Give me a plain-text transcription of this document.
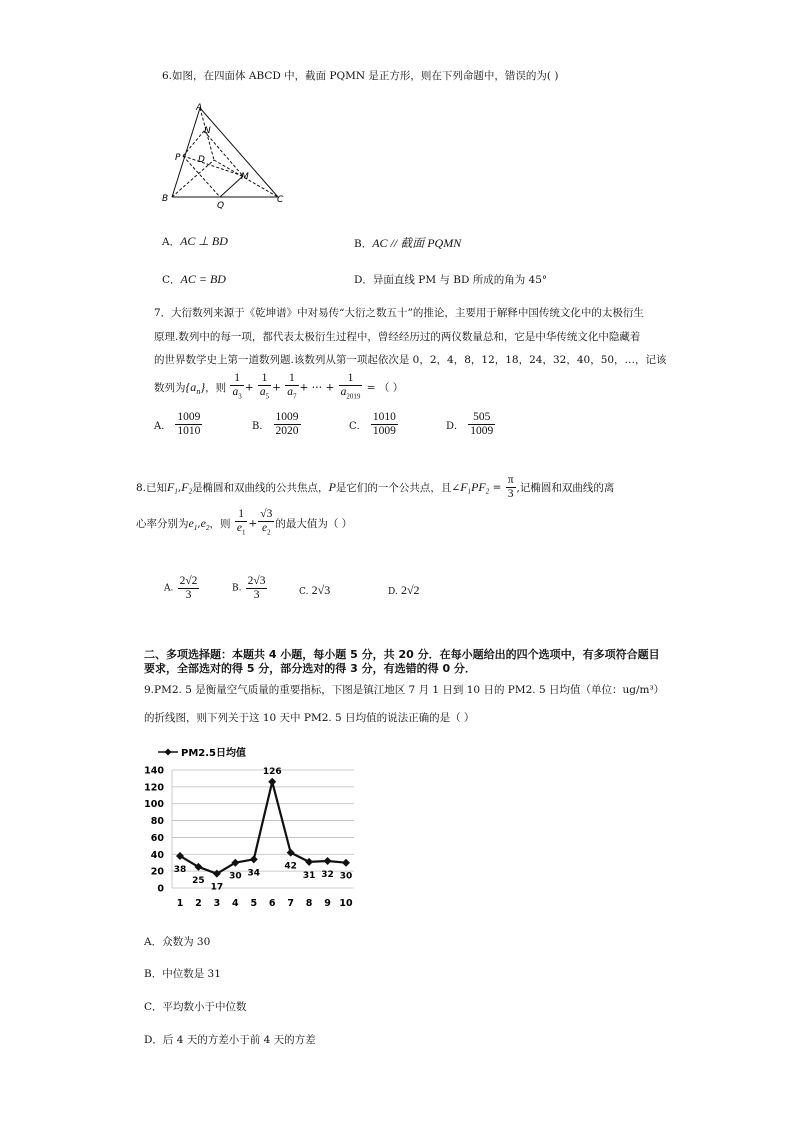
6.如图，在四面体 ABCD 中，截面 PQMN 是正方形，则在下列命题中，错误的为( )
A
N
P D
M
B
Q
C
A．AC ⊥ BD	B．AC // 截面 PQMN
C．AC = BD	D．异面直线 PM 与 BD 所成的角为 45°
7．大衍数列来源于《乾坤谱》中对易传“大衍之数五十”的推论，主要用于解释中国传统文化中的太极衍生
原理.数列中的每一项，都代表太极衍生过程中，曾经经历过的两仪数量总和，它是中华传统文化中隐藏着
的世界数学史上第一道数列题.该数列从第一项起依次是 0，2，4，8，12，18，24，32，40，50，…，记该
数列为$\{a_n\}$，则 $\frac{1}{a_3} + \frac{1}{a_5} + \frac{1}{a_7}$ + ⋯ + $\frac{1}{a_{2019}}$ = （ ）
A． $\frac{1009}{1010}$	B． $\frac{1009}{2020}$	C． $\frac{1010}{1009}$	D． $\frac{505}{1009}$
8.已知$F_1,F_2$是椭圆和双曲线的公共焦点，P是它们的一个公共点，且$\angle F_1PF_2 = \frac{\pi}{3}$ ,记椭圆和双曲线的离
心率分别为$e_1,e_2$，则 $\frac{1}{e_1} + \frac{√3}{e_2}$ 的最大值为（ ）
A. $\frac{2√2}{3}$	B. $\frac{2√3}{3}$	C. 2√3	D. 2√2
二、多项选择题：本题共 4 小题，每小题 5 分，共 20 分．在每小题给出的四个选项中，有多项符合题目
要求，全部选对的得 5 分，部分选对的得 3 分，有选错的得 0 分．
9.PM2. 5 是衡量空气质量的重要指标，下图是镇江地区 7 月 1 日到 10 日的 PM2. 5 日均值（单位：ug/m³）
的折线图，则下列关于这 10 天中 PM2. 5 日均值的说法正确的是（ ）
0
20
40
60
80
100
120
140
1 2 3 4 5 6 7 8 9 10
38
25
17
30 34
126
42
31 32 30
PM2.5日均值
A．众数为 30
B．中位数是 31
C．平均数小于中位数
D．后 4 天的方差小于前 4 天的方差
